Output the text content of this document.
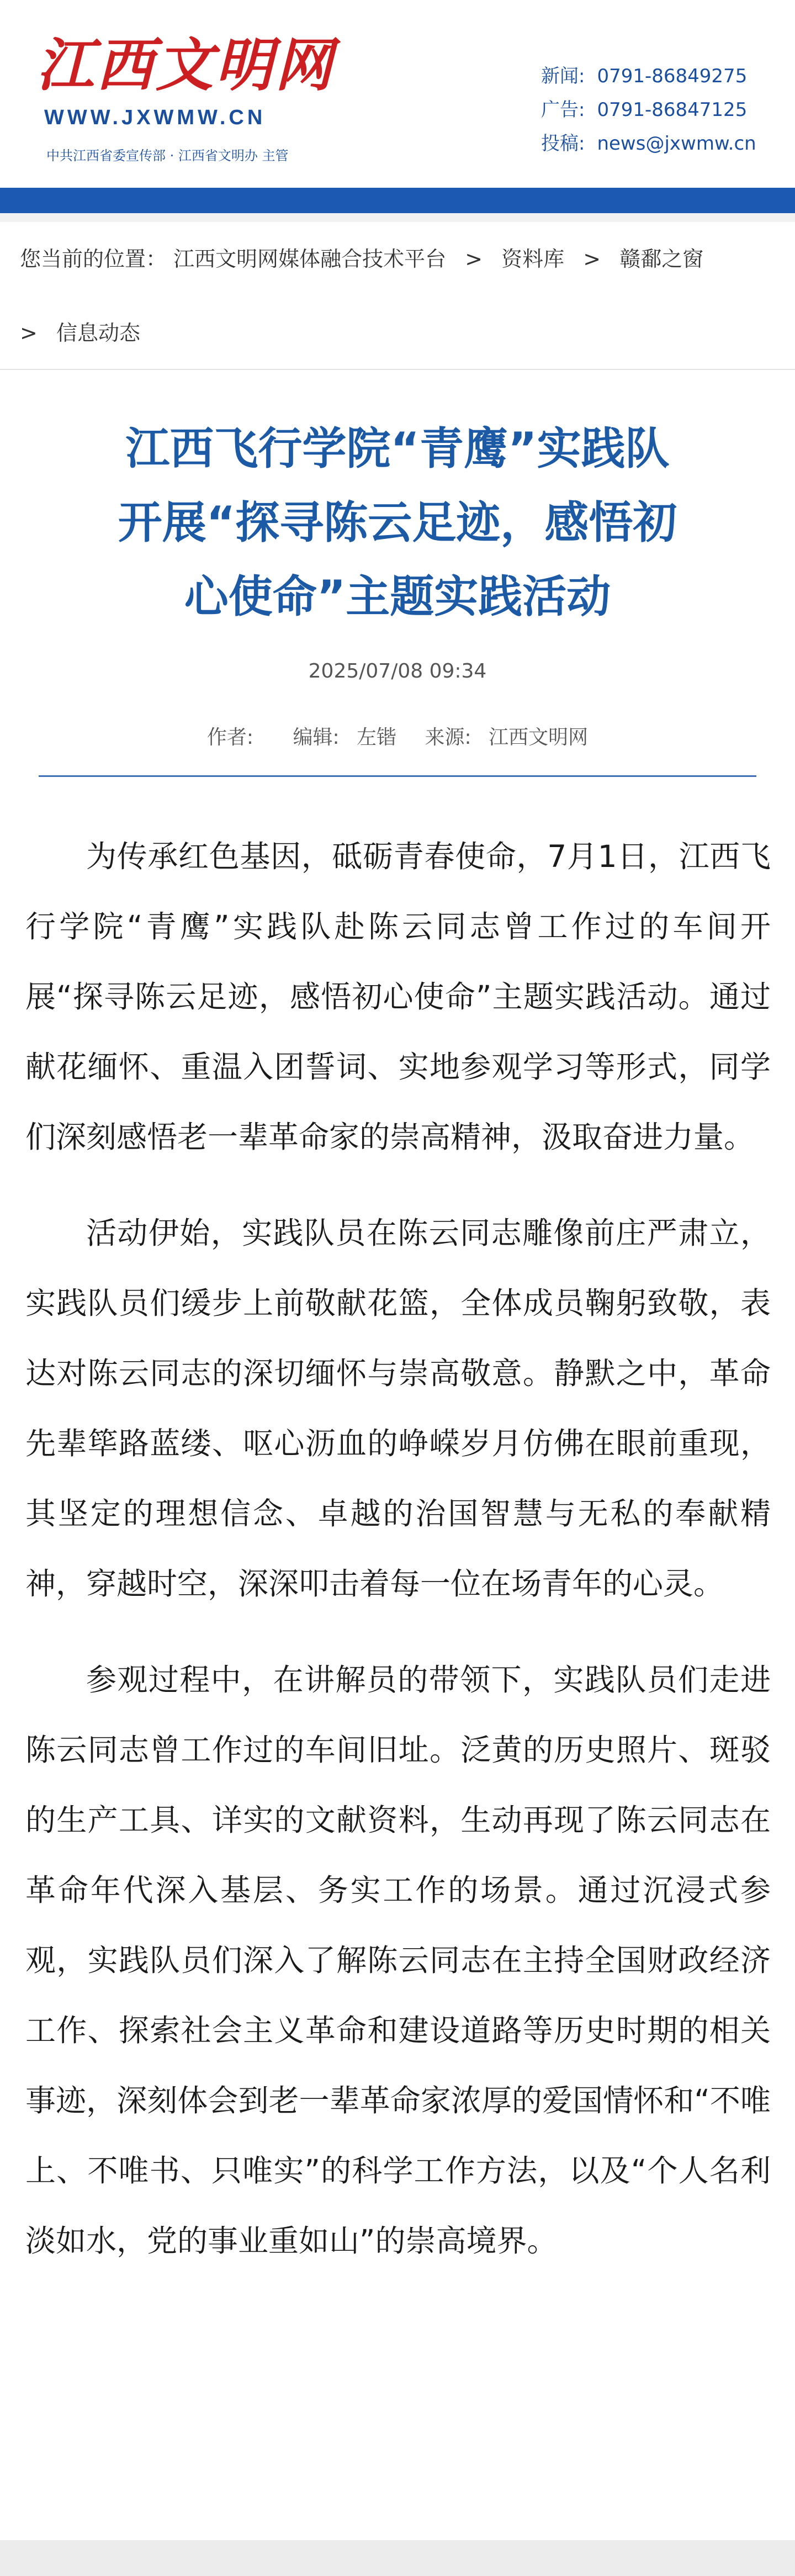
江西文明网
WWW.JXWMW.CN
中共江西省委宣传部 · 江西省文明办 主管
新闻: 0791-86849275
广告: 0791-86847125
投稿: news@jxwmw.cn
您当前的位置： 江西文明网媒体融合技术平台 > 资料库 > 赣鄱之窗
> 信息动态
江西飞行学院“青鹰”实践队
开展“探寻陈云足迹，感悟初
心使命”主题实践活动
2025/07/08 09:34
作者: 编辑: 左锴 来源: 江西文明网

为传承红色基因，砥砺青春使命，7月1日，江西飞行学院“青鹰”实践队赴陈云同志曾工作过的车间开展“探寻陈云足迹，感悟初心使命”主题实践活动。通过献花缅怀、重温入团誓词、实地参观学习等形式，同学们深刻感悟老一辈革命家的崇高精神，汲取奋进力量。

活动伊始，实践队员在陈云同志雕像前庄严肃立，实践队员们缓步上前敬献花篮，全体成员鞠躬致敬，表达对陈云同志的深切缅怀与崇高敬意。静默之中，革命先辈筚路蓝缕、呕心沥血的峥嵘岁月仿佛在眼前重现，其坚定的理想信念、卓越的治国智慧与无私的奉献精神，穿越时空，深深叩击着每一位在场青年的心灵。

参观过程中，在讲解员的带领下，实践队员们走进陈云同志曾工作过的车间旧址。泛黄的历史照片、斑驳的生产工具、详实的文献资料，生动再现了陈云同志在革命年代深入基层、务实工作的场景。通过沉浸式参观，实践队员们深入了解陈云同志在主持全国财政经济工作、探索社会主义革命和建设道路等历史时期的相关事迹，深刻体会到老一辈革命家浓厚的爱国情怀和“不唯上、不唯书、只唯实”的科学工作方法，以及“个人名利淡如水，党的事业重如山”的崇高境界。
